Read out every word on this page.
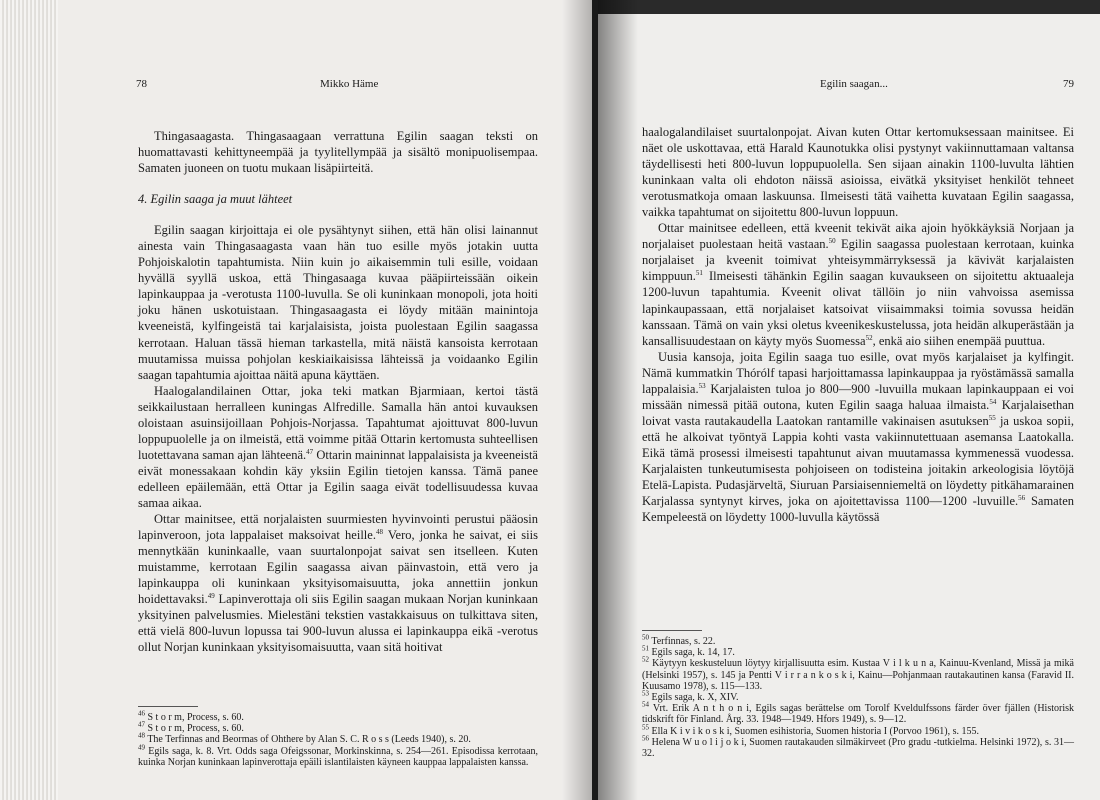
78	Mikko Häme

Thingasaagasta. Thingasaagaan verrattuna Egilin saagan teksti on huomattavasti kehittyneempää ja tyylitellympää ja sisältö monipuolisempaa. Samaten juoneen on tuotu mukaan lisäpiirteitä.

4. Egilin saaga ja muut lähteet

Egilin saagan kirjoittaja ei ole pysähtynyt siihen, että hän olisi lainannut ainesta vain Thingasaagasta vaan hän tuo esille myös jotakin uutta Pohjoiskalotin tapahtumista. Niin kuin jo aikaisemmin tuli esille, voidaan hyvällä syyllä uskoa, että Thingasaaga kuvaa pääpiirteissään oikein lapinkauppaa ja -verotusta 1100-luvulla. Se oli kuninkaan monopoli, jota hoiti joku hänen uskotuistaan. Thingasaagasta ei löydy mitään mainintoja kveeneistä, kylfingeistä tai karjalaisista, joista puolestaan Egilin saagassa kerrotaan. Haluan tässä hieman tarkastella, mitä näistä kansoista kerrotaan muutamissa muissa pohjolan keskiaikaisissa lähteissä ja voidaanko Egilin saagan tapahtumia ajoittaa näitä apuna käyttäen.

Haalogalandilainen Ottar, joka teki matkan Bjarmiaan, kertoi tästä seikkailustaan herralleen kuningas Alfredille. Samalla hän antoi kuvauksen oloistaan asuinsijoillaan Pohjois-Norjassa. Tapahtumat ajoittuvat 800-luvun loppupuolelle ja on ilmeistä, että voimme pitää Ottarin kertomusta suhteellisen luotettavana saman ajan lähteenä.$^{47}$ Ottarin maininnat lappalaisista ja kveeneistä eivät monessakaan kohdin käy yksiin Egilin tietojen kanssa. Tämä panee edelleen epäilemään, että Ottar ja Egilin saaga eivät todellisuudessa kuvaa samaa aikaa.

Ottar mainitsee, että norjalaisten suurmiesten hyvinvointi perustui pääosin lapinveroon, jota lappalaiset maksoivat heille.$^{48}$ Vero, jonka he saivat, ei siis mennytkään kuninkaalle, vaan suurtalonpojat saivat sen itselleen. Kuten muistamme, kerrotaan Egilin saagassa aivan päinvastoin, että vero ja lapinkauppa oli kuninkaan yksityisomaisuutta, joka annettiin jonkun hoidettavaksi.$^{49}$ Lapinverottaja oli siis Egilin saagan mukaan Norjan kuninkaan yksityinen palvelusmies. Mielestäni tekstien vastakkaisuus on tulkittava siten, että vielä 800-luvun lopussa tai 900-luvun alussa ei lapinkauppa eikä -verotus ollut Norjan kuninkaan yksityisomaisuutta, vaan sitä hoitivat

$^{46}$ S t o r m, Process, s. 60.
$^{47}$ S t o r m, Process, s. 60.
$^{48}$ The Terfinnas and Beormas of Ohthere by Alan S. C. R o s s (Leeds 1940), s. 20.
$^{49}$ Egils saga, k. 8. Vrt. Odds saga Ofeigssonar, Morkinskinna, s. 254—261. Episodissa kerrotaan, kuinka Norjan kuninkaan lapinverottaja epäili islantilaisten käyneen kauppaa lappalaisten kanssa.
Egilin saagan...	79

haalogalandilaiset suurtalonpojat. Aivan kuten Ottar kertomuksessaan mainitsee. Ei näet ole uskottavaa, että Harald Kaunotukka olisi pystynyt vakiinnuttamaan valtansa täydellisesti heti 800-luvun loppupuolella. Sen sijaan ainakin 1100-luvulta lähtien kuninkaan valta oli ehdoton näissä asioissa, eivätkä yksityiset henkilöt tehneet verotusmatkoja omaan laskuunsa. Ilmeisesti tätä vaihetta kuvataan Egilin saagassa, vaikka tapahtumat on sijoitettu 800-luvun loppuun.

Ottar mainitsee edelleen, että kveenit tekivät aika ajoin hyökkäyksiä Norjaan ja norjalaiset puolestaan heitä vastaan.$^{50}$ Egilin saagassa puolestaan kerrotaan, kuinka norjalaiset ja kveenit toimivat yhteisymmärryksessä ja kävivät karjalaisten kimppuun.$^{51}$ Ilmeisesti tähänkin Egilin saagan kuvaukseen on sijoitettu aktuaaleja 1200-luvun tapahtumia. Kveenit olivat tällöin jo niin vahvoissa asemissa lapinkaupassaan, että norjalaiset katsoivat viisaimmaksi toimia sovussa heidän kanssaan. Tämä on vain yksi oletus kveenikeskustelussa, jota heidän alkuperästään ja kansallisuudestaan on käyty myös Suomessa$^{52}$, enkä aio siihen enempää puuttua.

Uusia kansoja, joita Egilin saaga tuo esille, ovat myös karjalaiset ja kylfingit. Nämä kummatkin Thórólf tapasi harjoittamassa lapinkauppaa ja ryöstämässä samalla lappalaisia.$^{53}$ Karjalaisten tuloa jo 800—900 -luvuilla mukaan lapinkauppaan ei voi missään nimessä pitää outona, kuten Egilin saaga haluaa ilmaista.$^{54}$ Karjalaisethan loivat vasta rautakaudella Laatokan rantamille vakinaisen asutuksen$^{55}$ ja uskoa sopii, että he alkoivat työntyä Lappia kohti vasta vakiinnutettuaan asemansa Laatokalla. Eikä tämä prosessi ilmeisesti tapahtunut aivan muutamassa kymmenessä vuodessa. Karjalaisten tunkeutumisesta pohjoiseen on todisteina joitakin arkeologisia löytöjä Etelä-Lapista. Pudasjärveltä, Siuruan Parsiaisenniemeltä on löydetty pitkähamarainen Karjalassa syntynyt kirves, joka on ajoitettavissa 1100—1200 -luvuille.$^{56}$ Samaten Kempeleestä on löydetty 1000-luvulla käytössä

$^{50}$ Terfinnas, s. 22.
$^{51}$ Egils saga, k. 14, 17.
$^{52}$ Käytyyn keskusteluun löytyy kirjallisuutta esim. Kustaa V i l k u n a, Kainuu-Kvenland, Missä ja mikä (Helsinki 1957), s. 145 ja Pentti V i r r a n k o s k i, Kainu—Pohjanmaan rautakautinen kansa (Faravid II. Kuusamo 1978), s. 115—133.
$^{53}$ Egils saga, k. X, XIV.
$^{54}$ Vrt. Erik A n t h o n i, Egils sagas berättelse om Torolf Kveldulfssons färder över fjällen (Historisk tidskrift för Finland. Årg. 33. 1948—1949. Hfors 1949), s. 9—12.
$^{55}$ Ella K i v i k o s k i, Suomen esihistoria, Suomen historia I (Porvoo 1961), s. 155.
$^{56}$ Helena W u o l i j o k i, Suomen rautakauden silmäkirveet (Pro gradu -tutkielma. Helsinki 1972), s. 31—32.
